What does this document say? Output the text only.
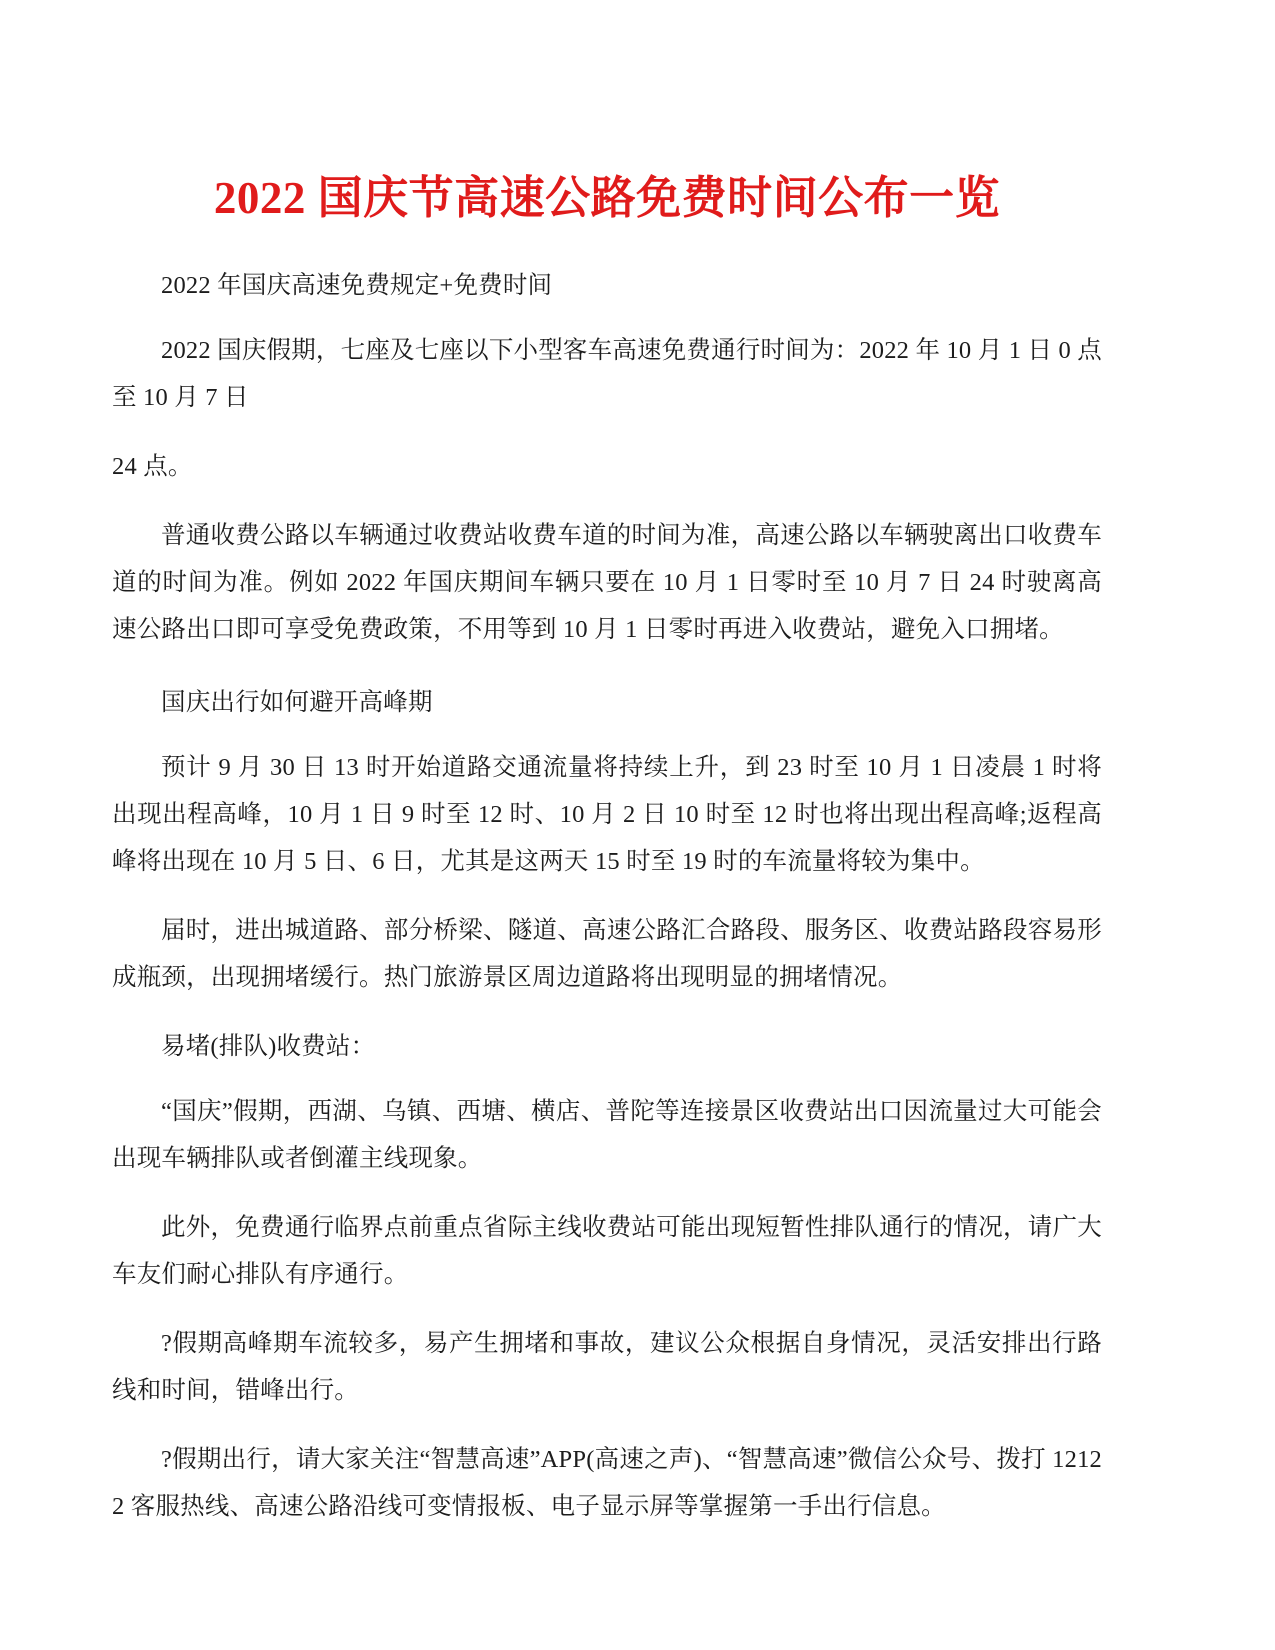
2022 国庆节高速公路免费时间公布一览

2022 年国庆高速免费规定+免费时间

2022 国庆假期，七座及七座以下小型客车高速免费通行时间为：2022 年 10 月 1 日 0 点至 10 月 7 日

24 点。

普通收费公路以车辆通过收费站收费车道的时间为准，高速公路以车辆驶离出口收费车道的时间为准。例如 2022 年国庆期间车辆只要在 10 月 1 日零时至 10 月 7 日 24 时驶离高速公路出口即可享受免费政策，不用等到 10 月 1 日零时再进入收费站，避免入口拥堵。

国庆出行如何避开高峰期

预计 9 月 30 日 13 时开始道路交通流量将持续上升，到 23 时至 10 月 1 日凌晨 1 时将出现出程高峰，10 月 1 日 9 时至 12 时、10 月 2 日 10 时至 12 时也将出现出程高峰;返程高峰将出现在 10 月 5 日、6 日，尤其是这两天 15 时至 19 时的车流量将较为集中。

届时，进出城道路、部分桥梁、隧道、高速公路汇合路段、服务区、收费站路段容易形成瓶颈，出现拥堵缓行。热门旅游景区周边道路将出现明显的拥堵情况。

易堵(排队)收费站：

“国庆”假期，西湖、乌镇、西塘、横店、普陀等连接景区收费站出口因流量过大可能会出现车辆排队或者倒灌主线现象。

此外，免费通行临界点前重点省际主线收费站可能出现短暂性排队通行的情况，请广大车友们耐心排队有序通行。

?假期高峰期车流较多，易产生拥堵和事故，建议公众根据自身情况，灵活安排出行路线和时间，错峰出行。

?假期出行，请大家关注“智慧高速”APP(高速之声)、“智慧高速”微信公众号、拨打 12122 客服热线、高速公路沿线可变情报板、电子显示屏等掌握第一手出行信息。
